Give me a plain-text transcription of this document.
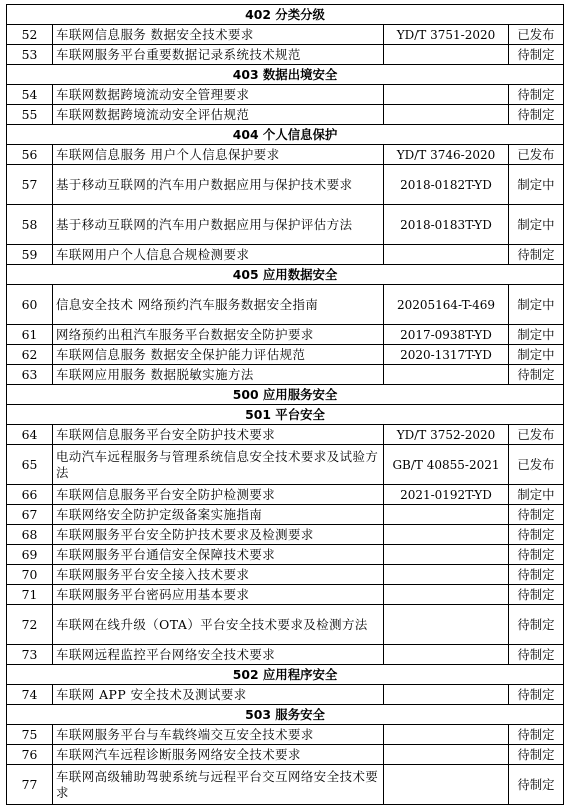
402 分类分级			
52	车联网信息服务 数据安全技术要求	YD/T 3751-2020	已发布
53	车联网服务平台重要数据记录系统技术规范		待制定
403 数据出境安全			
54	车联网数据跨境流动安全管理要求		待制定
55	车联网数据跨境流动安全评估规范		待制定
404 个人信息保护			
56	车联网信息服务 用户个人信息保护要求	YD/T 3746-2020	已发布
57	基于移动互联网的汽车用户数据应用与保护技术要求	2018-0182T-YD	制定中
58	基于移动互联网的汽车用户数据应用与保护评估方法	2018-0183T-YD	制定中
59	车联网用户个人信息合规检测要求		待制定
405 应用数据安全			
60	信息安全技术 网络预约汽车服务数据安全指南	20205164-T-469	制定中
61	网络预约出租汽车服务平台数据安全防护要求	2017-0938T-YD	制定中
62	车联网信息服务 数据安全保护能力评估规范	2020-1317T-YD	制定中
63	车联网应用服务 数据脱敏实施方法		待制定
500 应用服务安全			
501 平台安全			
64	车联网信息服务平台安全防护技术要求	YD/T 3752-2020	已发布
65	电动汽车远程服务与管理系统信息安全技术要求及试验方法	GB/T 40855-2021	已发布
66	车联网信息服务平台安全防护检测要求	2021-0192T-YD	制定中
67	车联网络安全防护定级备案实施指南		待制定
68	车联网服务平台安全防护技术要求及检测要求		待制定
69	车联网服务平台通信安全保障技术要求		待制定
70	车联网服务平台安全接入技术要求		待制定
71	车联网服务平台密码应用基本要求		待制定
72	车联网在线升级（OTA）平台安全技术要求及检测方法		待制定
73	车联网远程监控平台网络安全技术要求		待制定
502 应用程序安全			
74	车联网 APP 安全技术及测试要求		待制定
503 服务安全			
75	车联网服务平台与车载终端交互安全技术要求		待制定
76	车联网汽车远程诊断服务网络安全技术要求		待制定
77	车联网高级辅助驾驶系统与远程平台交互网络安全技术要求		待制定
